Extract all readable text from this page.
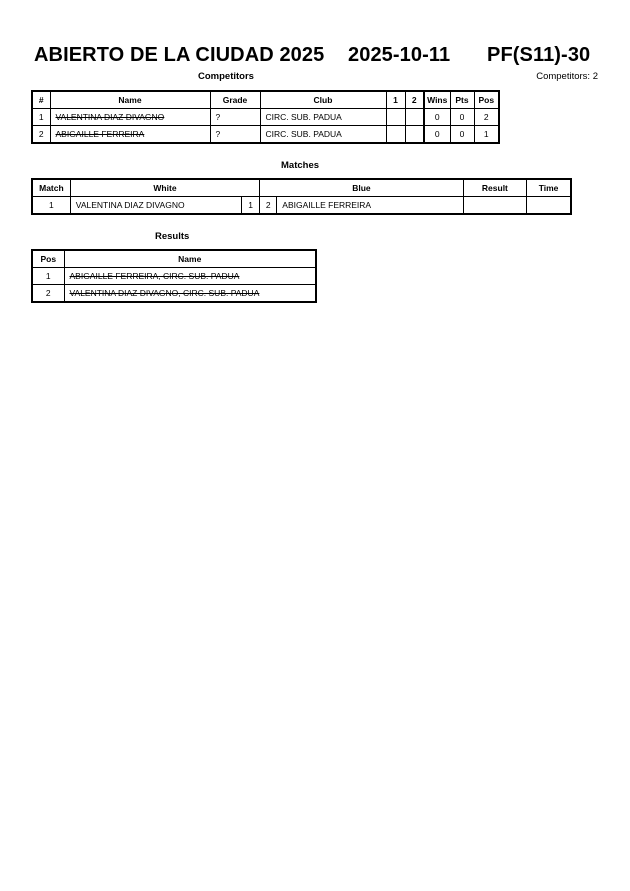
ABIERTO DE LA CIUDAD 2025 2025-10-11 PF(S11)-30
Competitors: 2
Competitors
#	Name	Grade	Club	1	2	Wins	Pts	Pos
1	VALENTINA DIAZ DIVAGNO	?	CIRC. SUB. PADUA			0	0	2
2	ABIGAILLE FERREIRA	?	CIRC. SUB. PADUA			0	0	1
Matches
Match	White		Blue		Result	Time
1	VALENTINA DIAZ DIVAGNO	1	2	ABIGAILLE FERREIRA		
Results
Pos	Name
1	ABIGAILLE FERREIRA, CIRC. SUB. PADUA
2	VALENTINA DIAZ DIVAGNO, CIRC. SUB. PADUA
